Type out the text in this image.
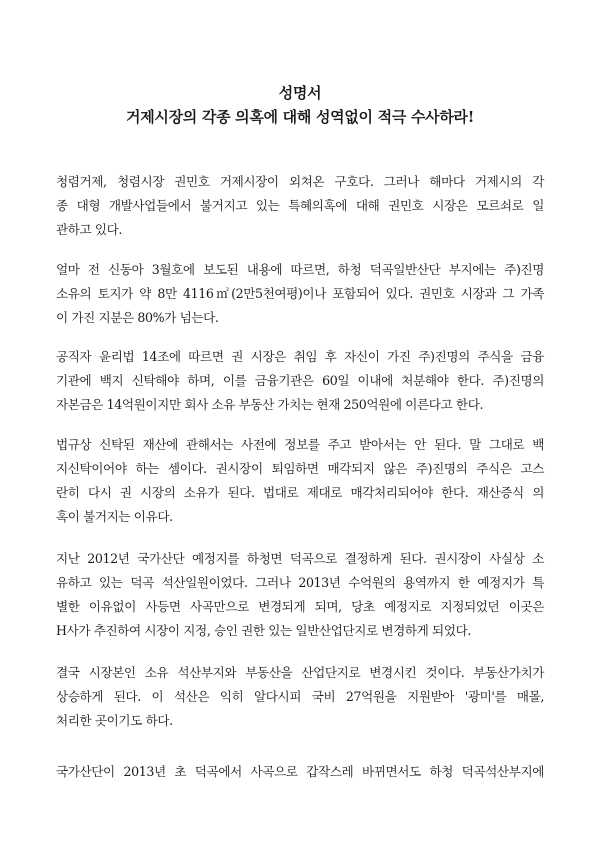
성명서
거제시장의 각종 의혹에 대해 성역없이 적극 수사하라!

청렴거제, 청렴시장 권민호 거제시장이 외쳐온 구호다. 그러나 해마다 거제시의 각
종 대형 개발사업들에서 불거지고 있는 특혜의혹에 대해 권민호 시장은 모르쇠로 일
관하고 있다.

얼마 전 신동아 3월호에 보도된 내용에 따르면, 하청 덕곡일반산단 부지에는 주)진명
소유의 토지가 약 8만 4116㎡(2만5천여평)이나 포함되어 있다. 권민호 시장과 그 가족
이 가진 지분은 80%가 넘는다.

공직자 윤리법 14조에 따르면 권 시장은 취임 후 자신이 가진 주)진명의 주식을 금융
기관에 백지 신탁해야 하며, 이를 금융기관은 60일 이내에 처분해야 한다. 주)진명의
자본금은 14억원이지만 회사 소유 부동산 가치는 현재 250억원에 이른다고 한다.

법규상 신탁된 재산에 관해서는 사전에 정보를 주고 받아서는 안 된다. 말 그대로 백
지신탁이어야 하는 셈이다. 권시장이 퇴임하면 매각되지 않은 주)진명의 주식은 고스
란히 다시 권 시장의 소유가 된다. 법대로 제대로 매각처리되어야 한다. 재산증식 의
혹이 불거지는 이유다.

지난 2012년 국가산단 예정지를 하청면 덕곡으로 결정하게 된다. 권시장이 사실상 소
유하고 있는 덕곡 석산일원이었다. 그러나 2013년 수억원의 용역까지 한 예정지가 특
별한 이유없이 사등면 사곡만으로 변경되게 되며, 당초 예정지로 지정되었던 이곳은
H사가 추진하여 시장이 지정, 승인 권한 있는 일반산업단지로 변경하게 되었다.

결국 시장본인 소유 석산부지와 부동산을 산업단지로 변경시킨 것이다. 부동산가치가
상승하게 된다. 이 석산은 익히 알다시피 국비 27억원을 지원받아 '광미'를 매몰,
처리한 곳이기도 하다.

국가산단이 2013년 초 덕곡에서 사곡으로 갑작스레 바뀌면서도 하청 덕곡석산부지에
